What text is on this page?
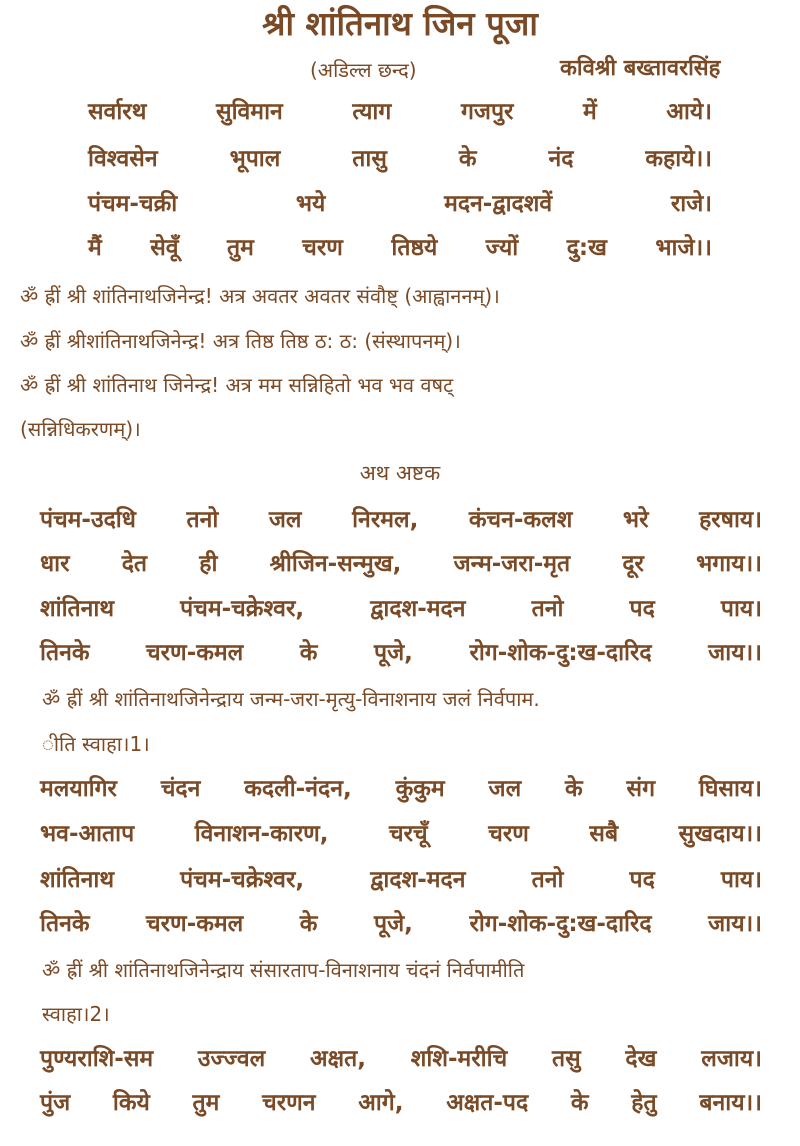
श्री शांतिनाथ जिन पूजा
(अडिल्ल छन्द)	कविश्री बख्तावरसिंह
सर्वारथ	सुविमान	त्याग	गजपुर	में	आये।
विश्वसेन	भूपाल	तासु	के	नंद	कहाये।।
पंचम-चक्री	भये	मदन-द्वादशवें	राजे।
मैं सेवूँ तुम चरण तिष्ठये ज्यों दु:ख भाजे।।
ॐ ह्रीं श्री शांतिनाथजिनेन्द्र! अत्र अवतर अवतर संवौष्ट् (आह्वाननम्)।
ॐ ह्रीं श्रीशांतिनाथजिनेन्द्र! अत्र तिष्ठ तिष्ठ ठ: ठ: (संस्थापनम्)।
ॐ ह्रीं श्री शांतिनाथ जिनेन्द्र! अत्र मम सन्निहितो भव भव वषट्
(सन्निधिकरणम्)।
अथ अष्टक
पंचम-उदधि तनो जल निरमल, कंचन-कलश भरे हरषाय।
धार देत ही श्रीजिन-सन्मुख, जन्म-जरा-मृत दूर भगाय।।
शांतिनाथ	पंचम-चक्रेश्वर,	द्वादश-मदन	तनो	पद	पाय।
तिनके चरण-कमल के पूजे, रोग-शोक-दु:ख-दारिद जाय।।
ॐ ह्रीं श्री शांतिनाथजिनेन्द्राय जन्म-जरा-मृत्यु-विनाशनाय जलं निर्वपाम.
ीति स्वाहा।1।
मलयागिर चंदन कदली-नंदन, कुंकुम जल के संग घिसाय।
भव-आताप	विनाशन-कारण,	चरचूँ	चरण	सबै	सुखदाय।।
शांतिनाथ	पंचम-चक्रेश्वर,	द्वादश-मदन	तनो	पद	पाय।
तिनके चरण-कमल के पूजे, रोग-शोक-दु:ख-दारिद जाय।।
ॐ ह्रीं श्री शांतिनाथजिनेन्द्राय संसारताप-विनाशनाय चंदनं निर्वपामीति
स्वाहा।2।
पुण्यराशि-सम उज्ज्वल अक्षत, शशि-मरीचि तसु देख लजाय।
पुंज किये तुम चरणन आगे, अक्षत-पद के हेतु बनाय।।
